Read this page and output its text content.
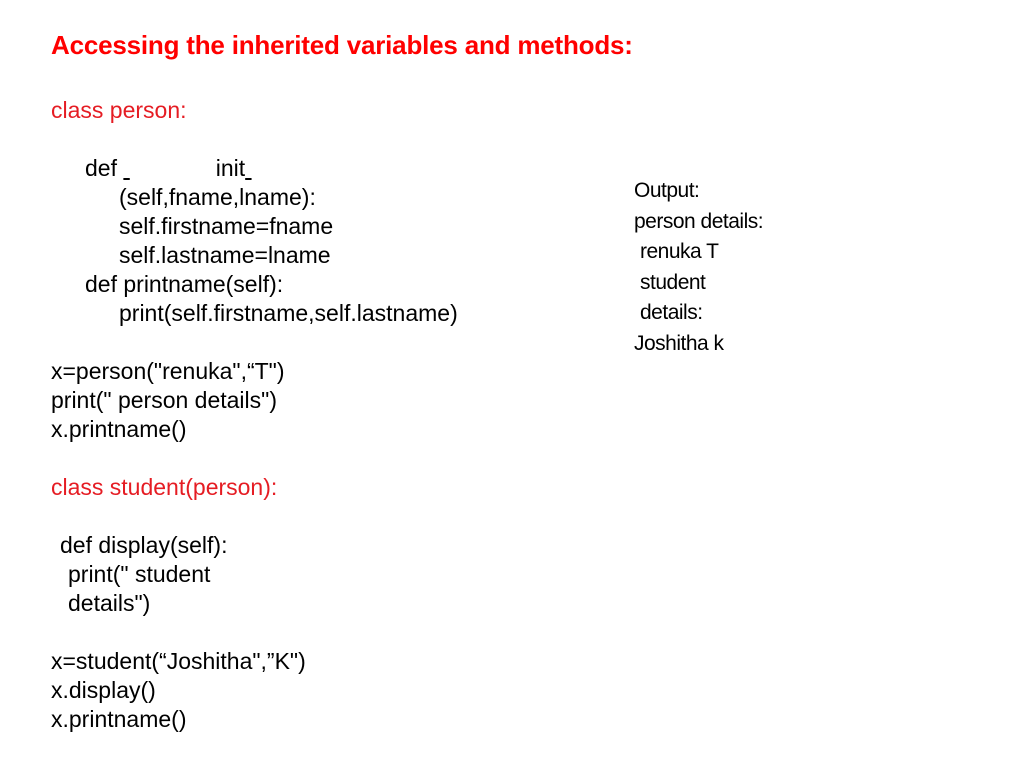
Accessing the inherited variables and methods:
class person:
def	init
(self,fname,lname):
self.firstname=fname
self.lastname=lname
def printname(self):
print(self.firstname,self.lastname)
x=person("renuka",“T")
print(" person details")
x.printname()
class student(person):
def display(self):
print(" student
details")
x=student(“Joshitha",”K")
x.display()
x.printname()
Output:
person details:
renuka T
student
details:
Joshitha k
